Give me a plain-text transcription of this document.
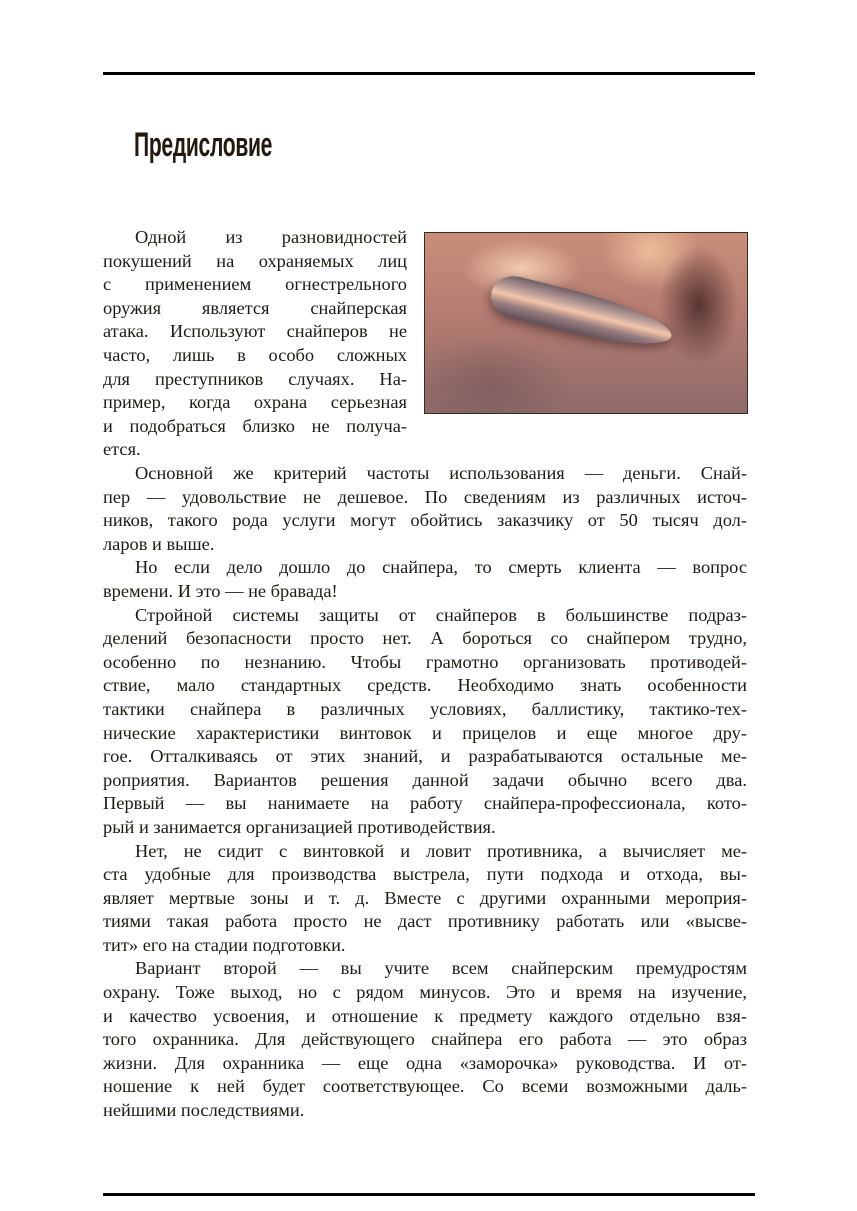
Предисловие
Одной из разновидностей
покушений на охраняемых лиц
с применением огнестрельного
оружия является снайперская
атака. Используют снайперов не
часто, лишь в особо сложных
для преступников случаях. На-
пример, когда охрана серьезная
и подобраться близко не получа-
ется.
Основной же критерий частоты использования — деньги. Снай-
пер — удовольствие не дешевое. По сведениям из различных источ-
ников, такого рода услуги могут обойтись заказчику от 50 тысяч дол-
ларов и выше.
Но если дело дошло до снайпера, то смерть клиента — вопрос
времени. И это — не бравада!
Стройной системы защиты от снайперов в большинстве подраз-
делений безопасности просто нет. А бороться со снайпером трудно,
особенно по незнанию. Чтобы грамотно организовать противодей-
ствие, мало стандартных средств. Необходимо знать особенности
тактики снайпера в различных условиях, баллистику, тактико-тех-
нические характеристики винтовок и прицелов и еще многое дру-
гое. Отталкиваясь от этих знаний, и разрабатываются остальные ме-
роприятия. Вариантов решения данной задачи обычно всего два.
Первый — вы нанимаете на работу снайпера-профессионала, кото-
рый и занимается организацией противодействия.
Нет, не сидит с винтовкой и ловит противника, а вычисляет ме-
ста удобные для производства выстрела, пути подхода и отхода, вы-
являет мертвые зоны и т. д. Вместе с другими охранными мероприя-
тиями такая работа просто не даст противнику работать или «высве-
тит» его на стадии подготовки.
Вариант второй — вы учите всем снайперским премудростям
охрану. Тоже выход, но с рядом минусов. Это и время на изучение,
и качество усвоения, и отношение к предмету каждого отдельно взя-
того охранника. Для действующего снайпера его работа — это образ
жизни. Для охранника — еще одна «заморочка» руководства. И от-
ношение к ней будет соответствующее. Со всеми возможными даль-
нейшими последствиями.
